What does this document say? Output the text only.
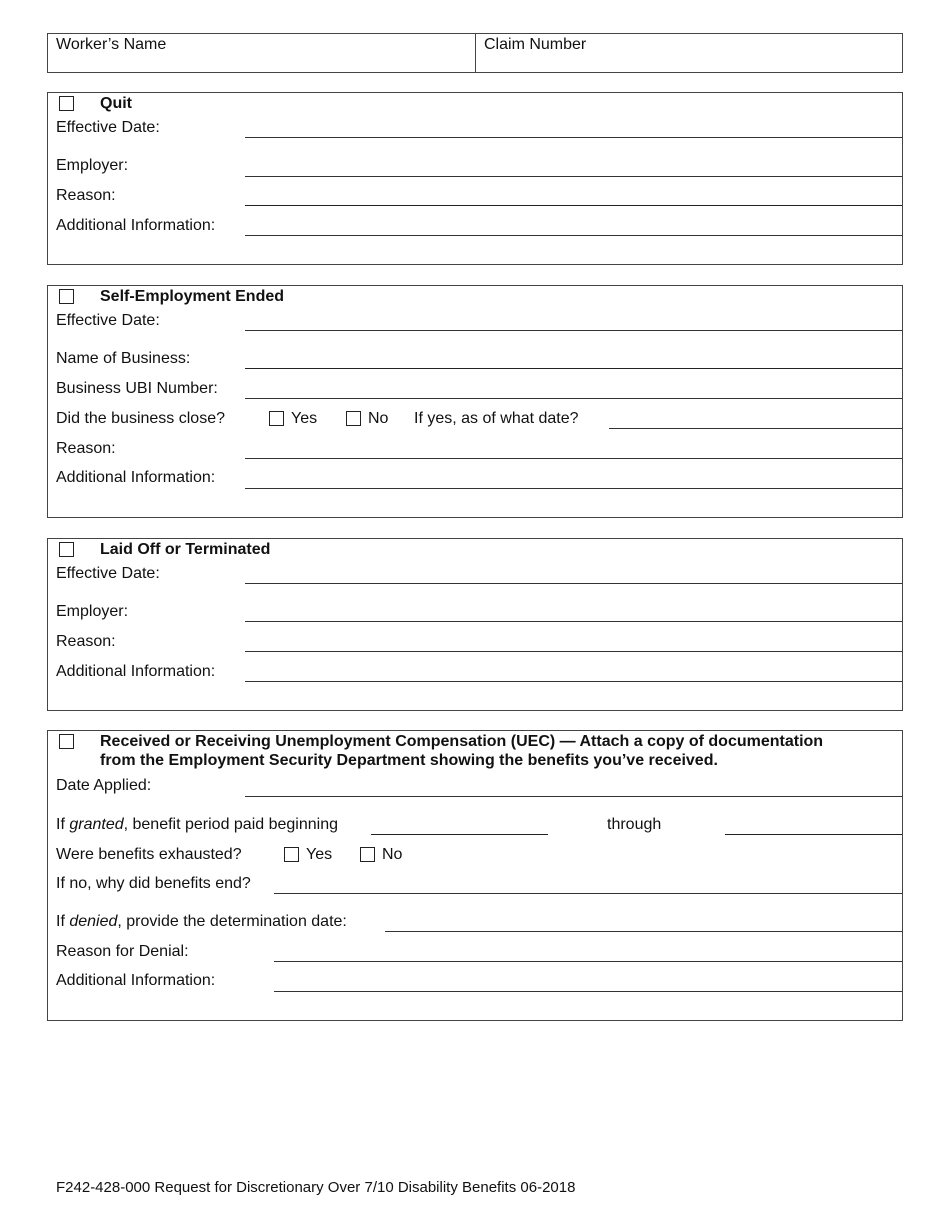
Worker’s Name	Claim Number
Quit
Effective Date:
Employer:
Reason:
Additional Information:
Self-Employment Ended
Effective Date:
Name of Business:
Business UBI Number:
Did the business close?	Yes	No If yes, as of what date?
Reason:
Additional Information:
Laid Off or Terminated
Effective Date:
Employer:
Reason:
Additional Information:
Received or Receiving Unemployment Compensation (UEC) — Attach a copy of documentation
from the Employment Security Department showing the benefits you’ve received.
Date Applied:
If granted, benefit period paid beginning	through
Were benefits exhausted?	Yes	No
If no, why did benefits end?
If denied, provide the determination date:
Reason for Denial:
Additional Information:
F242-428-000 Request for Discretionary Over 7/10 Disability Benefits 06-2018
